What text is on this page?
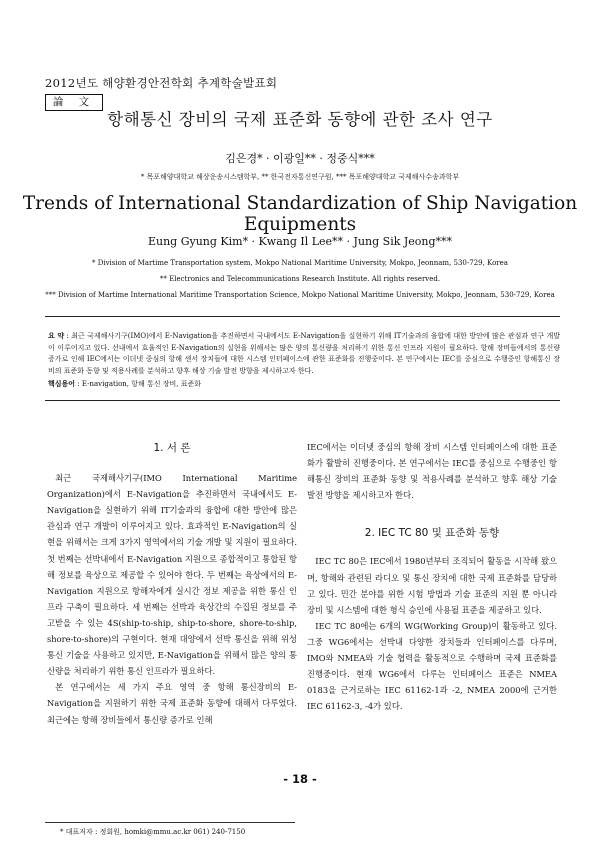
2012년도 해양환경안전학회 추계학술발표회
論 文
항해통신 장비의 국제 표준화 동향에 관한 조사 연구
김은경* · 이광일** · 정중식***
* 목포해양대학교 해상운송시스템학부, ** 한국전자통신연구원, *** 목포해양대학교 국제해사수송과학부
Trends of International Standardization of Ship Navigation Equipments
Eung Gyung Kim* · Kwang Il Lee** · Jung Sik Jeong***
* Division of Martime Transportation system, Mokpo National Maritime University, Mokpo, Jeonnam, 530-729, Korea
** Electronics and Telecommunications Research Institute. All rights reserved.
*** Division of Martime International Maritime Transportation Science, Mokpo National Maritime University, Mokpo, Jeonnam, 530-729, Korea
요 약 : 최근 국제해사기구(IMO)에서 E-Navigation을 추진하면서 국내에서도 E-Navigation을 실현하기 위해 IT기술과의 융합에 대한 방안에 많은 관심과 연구 개발이 이루어지고 있다. 선내에서 효율적인 E-Navigation의 실현을 위해서는 많은 양의 통신량을 처리하기 위한 통신 인프라 지원이 필요하다. 항해 장비들에서의 통신량증가로 인해 IEC에서는 이더넷 중심의 항해 센서 장치들에 대한 시스템 인터페이스에 관한 표준화를 진행중이다. 본 연구에서는 IEC를 중심으로 수행중인 항해통신 장비의 표준화 동향 및 적용사례를 분석하고 향후 해상 기술 발전 방향을 제시하고자 한다.
핵심용어 : E-navigation, 항해 통신 장비, 표준화
1. 서 론

최근 국제해사기구(IMO International Maritime Organization)에서 E-Navigation을 추진하면서 국내에서도 E-Navigation을 실현하기 위해 IT기술과의 융합에 대한 방안에 많은 관심과 연구 개발이 이루어지고 있다. 효과적인 E-Navigation의 실현을 위해서는 크게 3가지 영역에서의 기술 개발 및 지원이 필요하다. 첫 번째는 선박내에서 E-Navigation 지원으로 종합적이고 통합된 항해 정보를 육상으로 제공할 수 있어야 한다. 두 번째는 육상에서의 E-Navigation 지원으로 항해자에게 실시간 정보 제공을 위한 통신 인프라 구축이 필요하다. 세 번째는 선박과 육상간의 수집된 정보를 주고받을 수 있는 4S(ship-to-ship, ship-to-shore, shore-to-ship, shore-to-shore)의 구현이다. 현재 대양에서 선박 통신을 위해 위성통신 기술을 사용하고 있지만, E-Navigation을 위해서 많은 양의 통신량을 처리하기 위한 통신 인프라가 필요하다.

본 연구에서는 세 가지 주요 영역 중 항해 통신장비의 E-Navigation을 지원하기 위한 국제 표준화 동향에 대해서 다루었다. 최근에는 항해 장비들에서 통신량 증가로 인해

IEC에서는 이더넷 중심의 항해 장비 시스템 인터페이스에 대한 표준화가 활발히 진행중이다. 본 연구에서는 IEC를 중심으로 수행중인 항해통신 장비의 표준화 동향 및 적용사례를 분석하고 향후 해상 기술 발전 방향을 제시하고자 한다.

2. IEC TC 80 및 표준화 동향

IEC TC 80은 IEC에서 1980년부터 조직되어 활동을 시작해 왔으며, 항해와 관련된 라디오 및 통신 장치에 대한 국제 표준화를 담당하고 있다. 민간 분야를 위한 시험 방법과 기술 표준의 지원 뿐 아니라 장비 및 시스템에 대한 형식 승인에 사용될 표준을 제공하고 있다.

IEC TC 80에는 6개의 WG(Working Group)이 활동하고 있다. 그중 WG6에서는 선박내 다양한 장치들과 인터페이스를 다루며, IMO와 NMEA와 기술 협력을 활동적으로 수행하며 국제 표준화를 진행중이다. 현재 WG6에서 다루는 인터페이스 표준은 NMEA 0183을 근거로하는 IEC 61162-1과 -2, NMEA 2000에 근거한 IEC 61162-3, -4가 있다.

- 18 -
* 대표저자 : 정회원, homki@mmu.ac.kr 061) 240-7150
